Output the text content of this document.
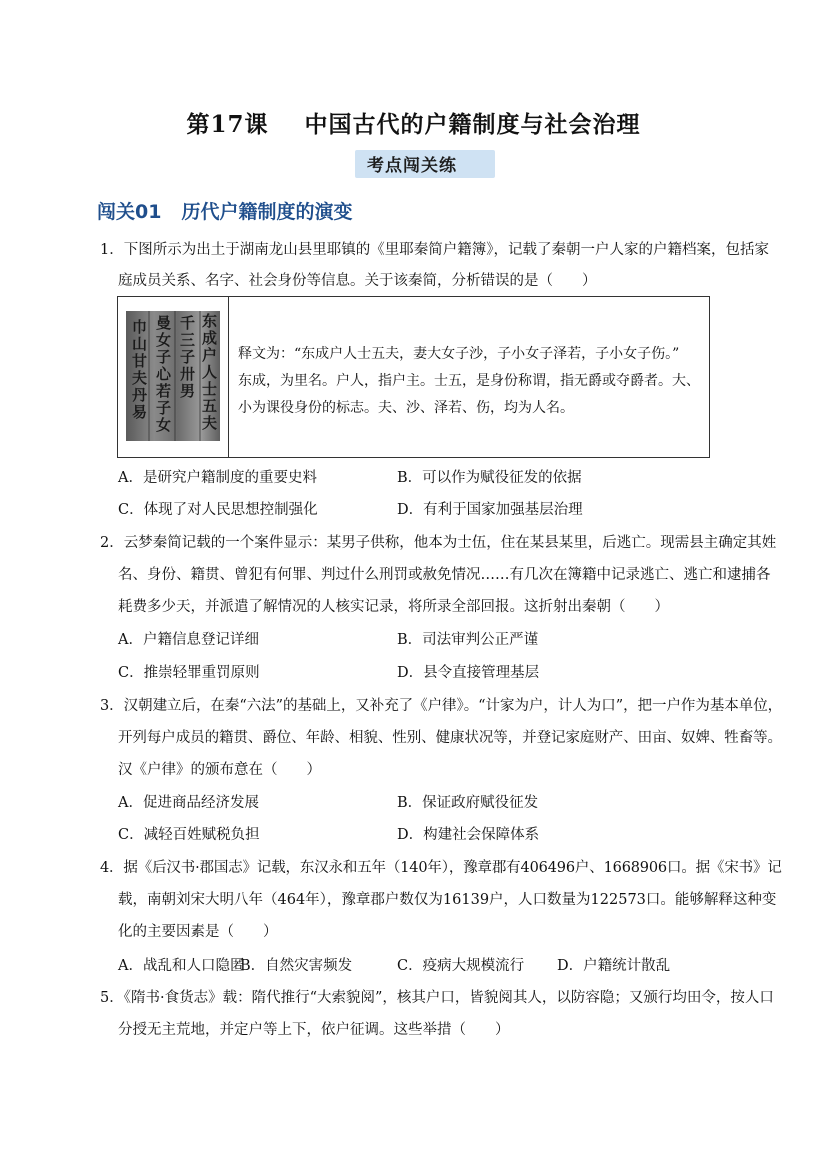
第17课 中国古代的户籍制度与社会治理
考点闯关练
闯关01 历代户籍制度的演变
1．下图所示为出土于湖南龙山县里耶镇的《里耶秦简户籍簿》，记载了秦朝一户人家的户籍档案，包括家
庭成员关系、名字、社会身份等信息。关于该秦简，分析错误的是（　　）
巾山甘夫丹易
曼女子心若子女
千三子卅男
东成户人士五夫
释文为：“东成户人士五夫，妻大女子沙，子小女子泽若，子小女子伤。”
东成，为里名。户人，指户主。士五，是身份称谓，指无爵或夺爵者。大、
小为课役身份的标志。夫、沙、泽若、伤，均为人名。
A．是研究户籍制度的重要史料	B．可以作为赋役征发的依据
C．体现了对人民思想控制强化	D．有利于国家加强基层治理
2．云梦秦简记载的一个案件显示：某男子供称，他本为士伍，住在某县某里，后逃亡。现需县主确定其姓
名、身份、籍贯、曾犯有何罪、判过什么刑罚或赦免情况……有几次在簿籍中记录逃亡、逃亡和逮捕各
耗费多少天，并派遣了解情况的人核实记录，将所录全部回报。这折射出秦朝（　　）
A．户籍信息登记详细	B．司法审判公正严谨
C．推崇轻罪重罚原则	D．县令直接管理基层
3．汉朝建立后，在秦“六法”的基础上，又补充了《户律》。“计家为户，计人为口”，把一户作为基本单位，
开列每户成员的籍贯、爵位、年龄、相貌、性别、健康状况等，并登记家庭财产、田亩、奴婢、牲畜等。
汉《户律》的颁布意在（　　）
A．促进商品经济发展	B．保证政府赋役征发
C．减轻百姓赋税负担	D．构建社会保障体系
4．据《后汉书·郡国志》记载，东汉永和五年（140年），豫章郡有406496户、1668906口。据《宋书》记
载，南朝刘宋大明八年（464年），豫章郡户数仅为16139户，人口数量为122573口。能够解释这种变
化的主要因素是（　　）
A．战乱和人口隐匿
B．自然灾害频发	C．疫病大规模流行 D．户籍统计散乱
5．《隋书·食货志》载：隋代推行“大索貌阅”，核其户口，皆貌阅其人，以防容隐；又颁行均田令，按人口
分授无主荒地，并定户等上下，依户征调。这些举措（　　）
